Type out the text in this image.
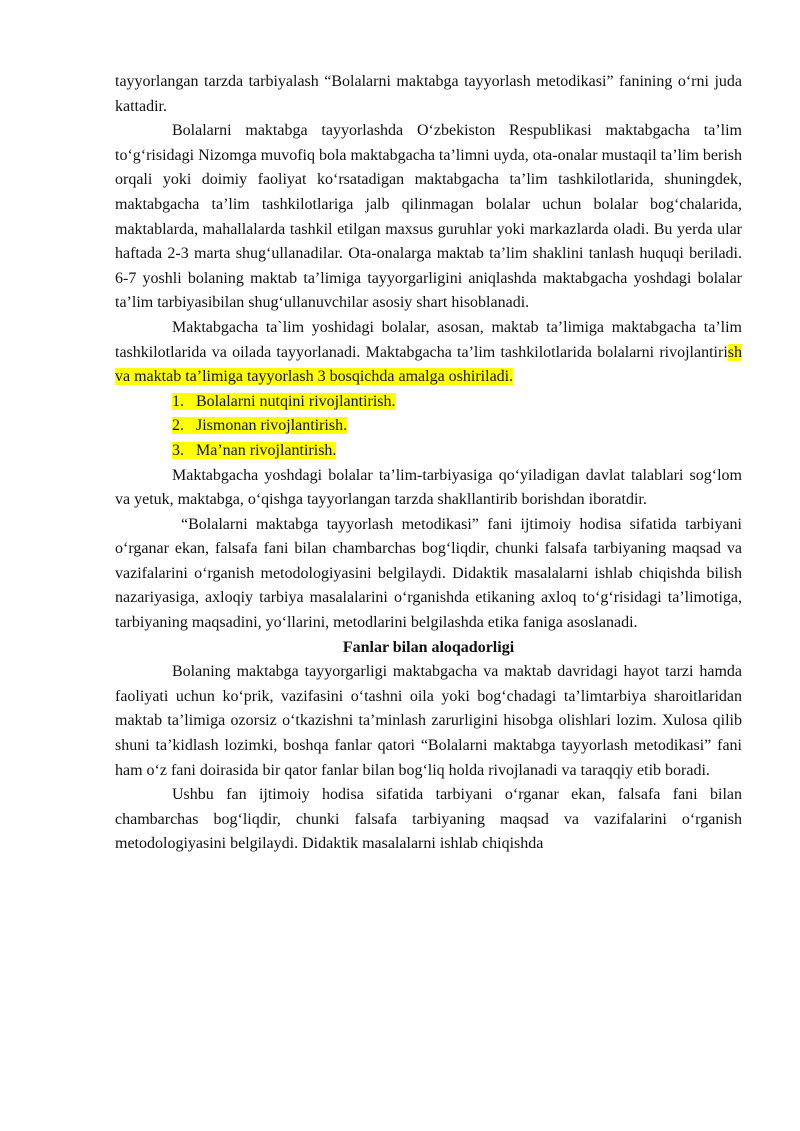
tayyorlangan tarzda tarbiyalash “Bolalarni maktabga tayyorlash metodikasi” fanining o‘rni juda kattadir.

Bolalarni maktabga tayyorlashda O‘zbekiston Respublikasi maktabgacha ta’lim to‘g‘risidagi Nizomga muvofiq bola maktabgacha ta’limni uyda, ota-onalar mustaqil ta’lim berish orqali yoki doimiy faoliyat ko‘rsatadigan maktabgacha ta’lim tashkilotlarida, shuningdek, maktabgacha ta’lim tashkilotlariga jalb qilinmagan bolalar uchun bolalar bog‘chalarida, maktablarda, mahallalarda tashkil etilgan maxsus guruhlar yoki markazlarda oladi. Bu yerda ular haftada 2-3 marta shug‘ullanadilar. Ota-onalarga maktab ta’lim shaklini tanlash huquqi beriladi. 6-7 yoshli bolaning maktab ta’limiga tayyorgarligini aniqlashda maktabgacha yoshdagi bolalar ta’lim tarbiyasibilan shug‘ullanuvchilar asosiy shart hisoblanadi.

Maktabgacha ta`lim yoshidagi bolalar, asosan, maktab ta’limiga maktabgacha ta’lim tashkilotlarida va oilada tayyorlanadi. Maktabgacha ta’lim tashkilotlarida bolalarni rivojlantirish va maktab ta’limiga tayyorlash 3 bosqichda amalga oshiriladi.

1. Bolalarni nutqini rivojlantirish.
2. Jismonan rivojlantirish.
3. Ma’nan rivojlantirish.

Maktabgacha yoshdagi bolalar ta’lim-tarbiyasiga qo‘yiladigan davlat talablari sog‘lom va yetuk, maktabga, o‘qishga tayyorlangan tarzda shakllantirib borishdan iboratdir.

“Bolalarni maktabga tayyorlash metodikasi” fani ijtimoiy hodisa sifatida tarbiyani o‘rganar ekan, falsafa fani bilan chambarchas bog‘liqdir, chunki falsafa tarbiyaning maqsad va vazifalarini o‘rganish metodologiyasini belgilaydi. Didaktik masalalarni ishlab chiqishda bilish nazariyasiga, axloqiy tarbiya masalalarini o‘rganishda etikaning axloq to‘g‘risidagi ta’limotiga, tarbiyaning maqsadini, yo‘llarini, metodlarini belgilashda etika faniga asoslanadi.

Fanlar bilan aloqadorligi

Bolaning maktabga tayyorgarligi maktabgacha va maktab davridagi hayot tarzi hamda faoliyati uchun ko‘prik, vazifasini o‘tashni oila yoki bog‘chadagi ta’limtarbiya sharoitlaridan maktab ta’limiga ozorsiz o‘tkazishni ta’minlash zarurligini hisobga olishlari lozim. Xulosa qilib shuni ta’kidlash lozimki, boshqa fanlar qatori “Bolalarni maktabga tayyorlash metodikasi” fani ham o‘z fani doirasida bir qator fanlar bilan bog‘liq holda rivojlanadi va taraqqiy etib boradi.

Ushbu fan ijtimoiy hodisa sifatida tarbiyani o‘rganar ekan, falsafa fani bilan chambarchas bog‘liqdir, chunki falsafa tarbiyaning maqsad va vazifalarini o‘rganish metodologiyasini belgilaydi. Didaktik masalalarni ishlab chiqishda
